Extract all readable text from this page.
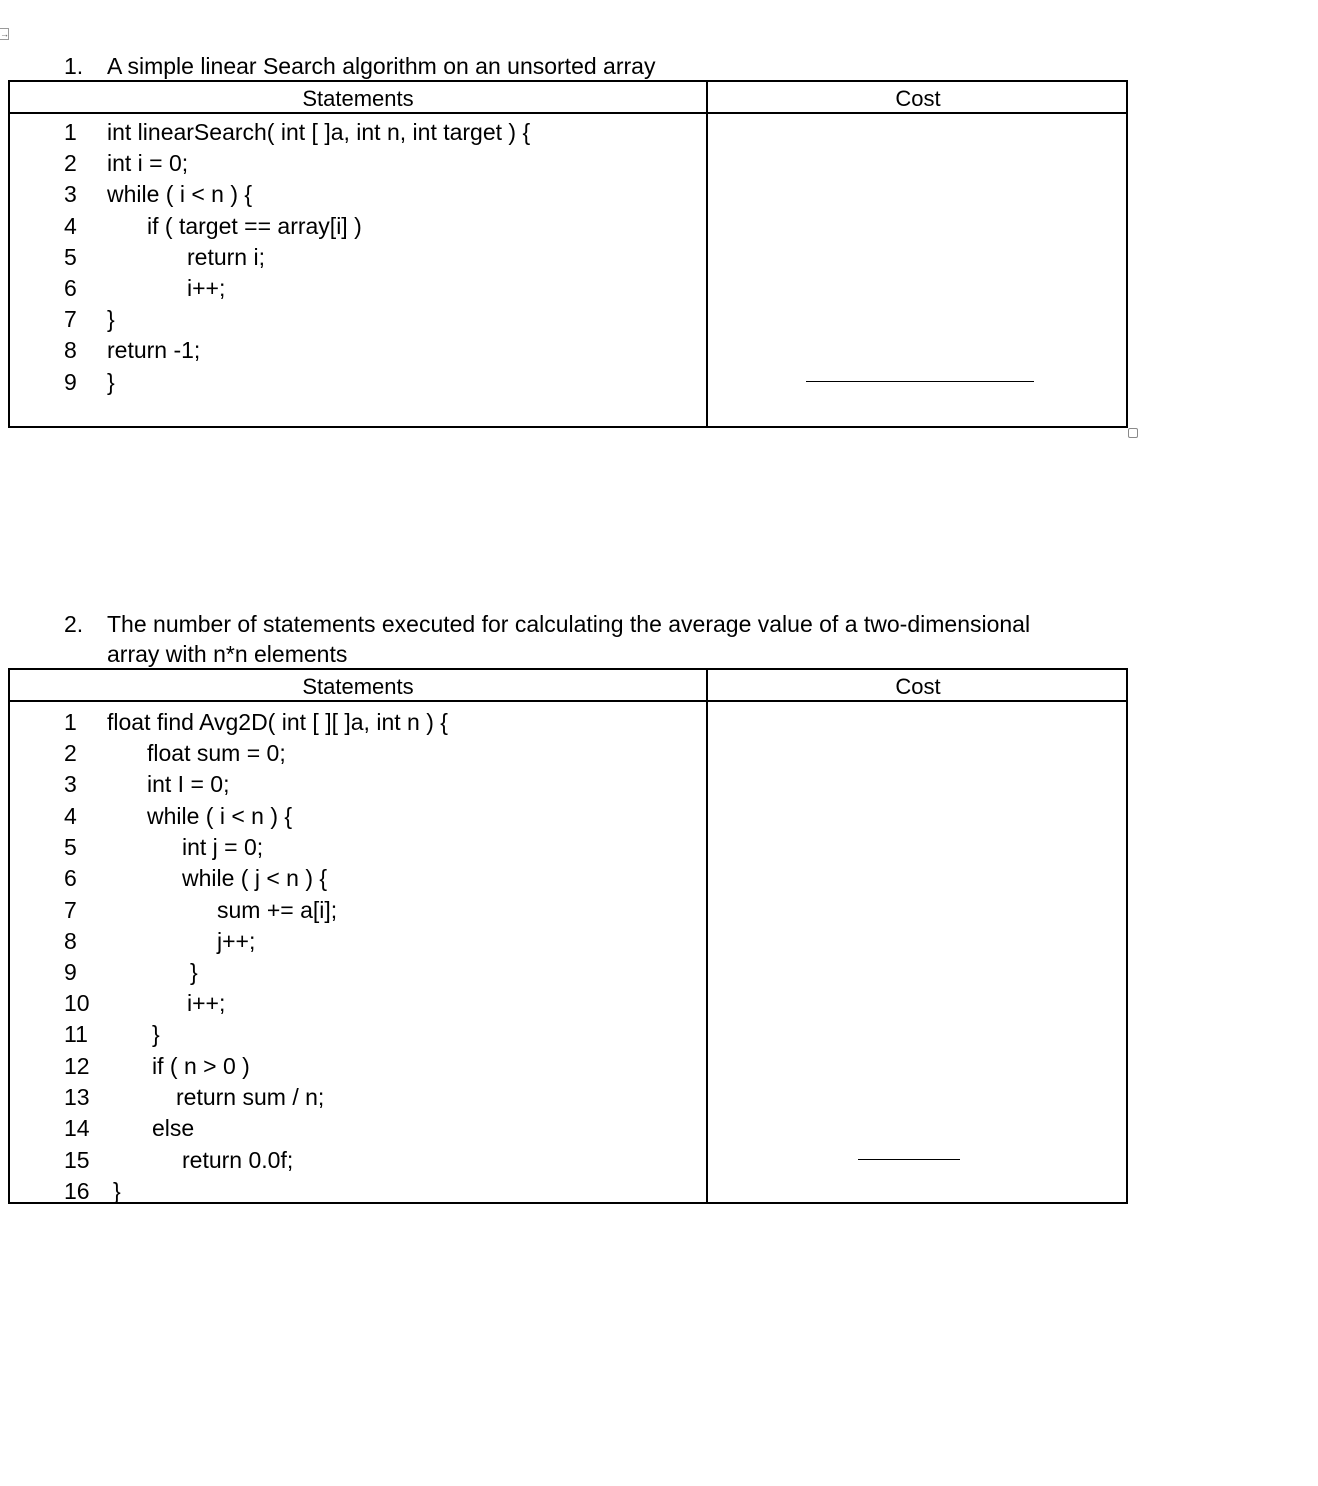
→
1. A simple linear Search algorithm on an unsorted array
Statements	Cost
1 int linearSearch( int [ ]a, int n, int target ) {
2 int i = 0;
3 while ( i < n ) {
4	if ( target == array[i] )
5	return i;
6	i++;
7 }
8 return -1;
9 }
2. The number of statements executed for calculating the average value of a two-dimensional
array with n*n elements
Statements	Cost
1 float find Avg2D( int [ ][ ]a, int n ) {
2	float sum = 0;
3	int I = 0;
4	while ( i < n ) {
5	int j = 0;
6	while ( j < n ) {
7	sum += a[i];
8	j++;
9	}
10	i++;
11	}
12	if ( n > 0 )
13	return sum / n;
14	else
15	return 0.0f;
16 }
